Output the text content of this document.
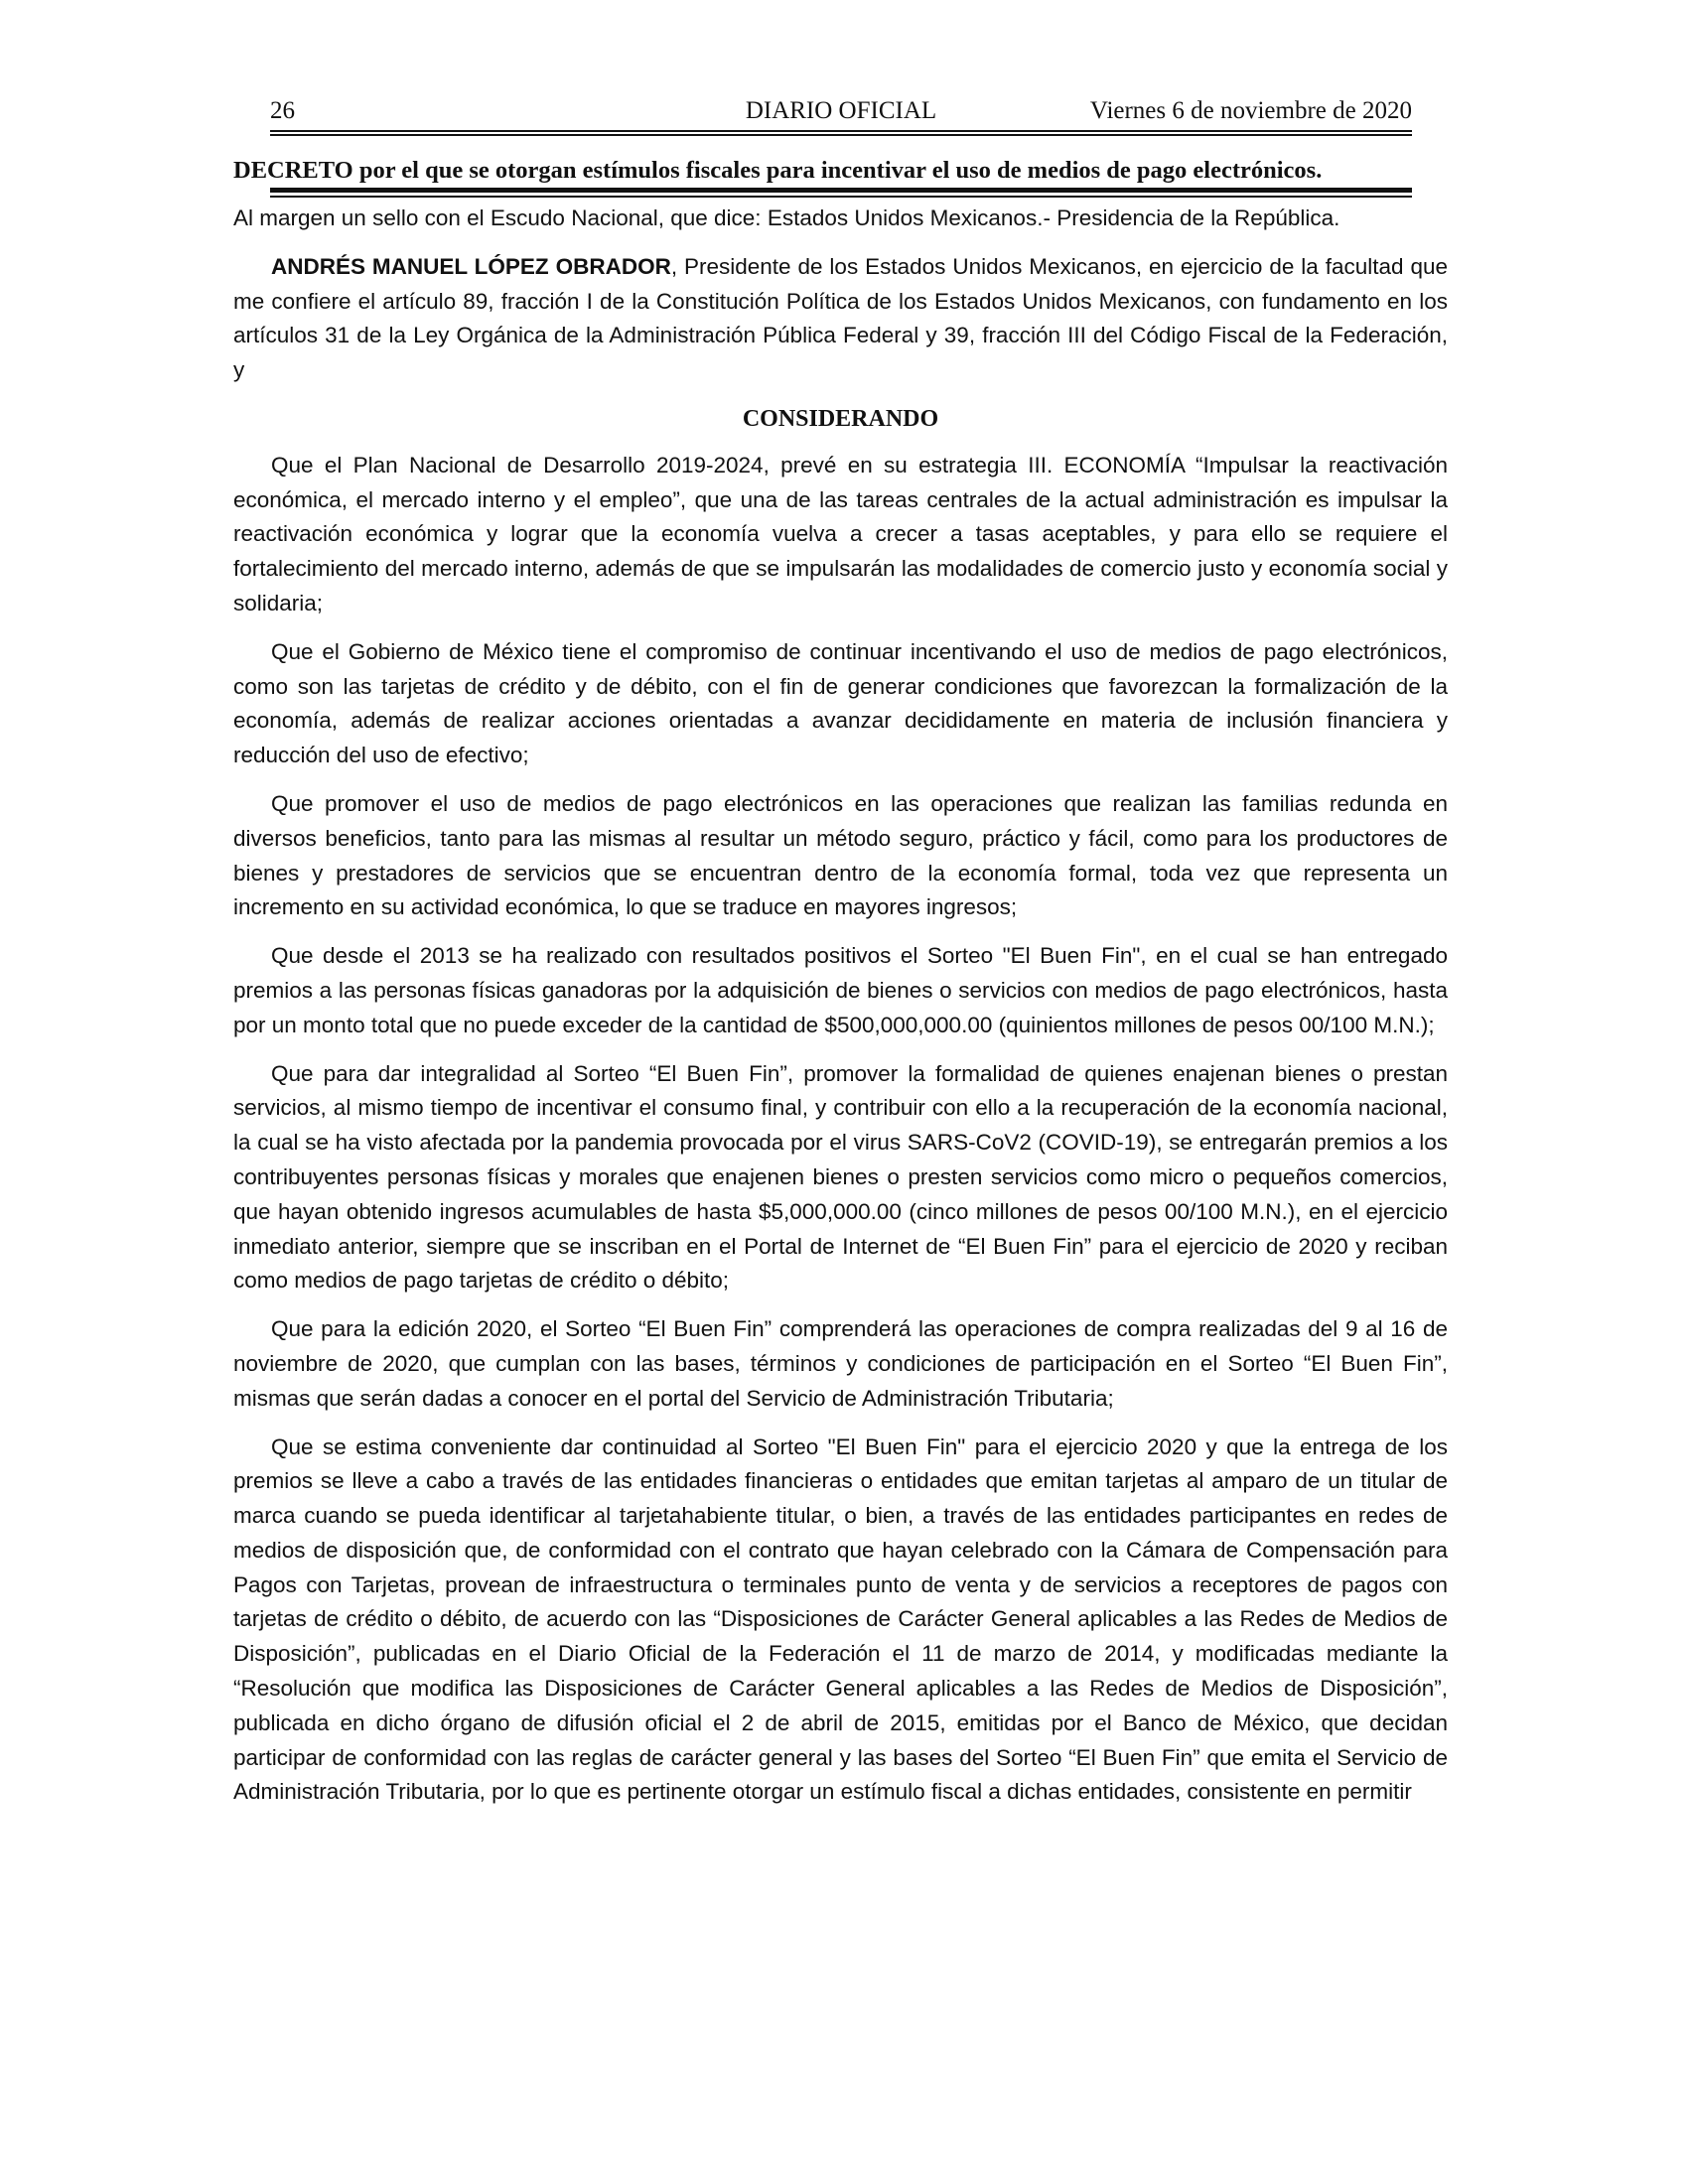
26	DIARIO OFICIAL	Viernes 6 de noviembre de 2020
DECRETO por el que se otorgan estímulos fiscales para incentivar el uso de medios de pago electrónicos.

Al margen un sello con el Escudo Nacional, que dice: Estados Unidos Mexicanos.- Presidencia de la República.

ANDRÉS MANUEL LÓPEZ OBRADOR, Presidente de los Estados Unidos Mexicanos, en ejercicio de la facultad que me confiere el artículo 89, fracción I de la Constitución Política de los Estados Unidos Mexicanos, con fundamento en los artículos 31 de la Ley Orgánica de la Administración Pública Federal y 39, fracción III del Código Fiscal de la Federación, y

CONSIDERANDO

Que el Plan Nacional de Desarrollo 2019-2024, prevé en su estrategia III. ECONOMÍA “Impulsar la reactivación económica, el mercado interno y el empleo”, que una de las tareas centrales de la actual administración es impulsar la reactivación económica y lograr que la economía vuelva a crecer a tasas aceptables, y para ello se requiere el fortalecimiento del mercado interno, además de que se impulsarán las modalidades de comercio justo y economía social y solidaria;

Que el Gobierno de México tiene el compromiso de continuar incentivando el uso de medios de pago electrónicos, como son las tarjetas de crédito y de débito, con el fin de generar condiciones que favorezcan la formalización de la economía, además de realizar acciones orientadas a avanzar decididamente en materia de inclusión financiera y reducción del uso de efectivo;

Que promover el uso de medios de pago electrónicos en las operaciones que realizan las familias redunda en diversos beneficios, tanto para las mismas al resultar un método seguro, práctico y fácil, como para los productores de bienes y prestadores de servicios que se encuentran dentro de la economía formal, toda vez que representa un incremento en su actividad económica, lo que se traduce en mayores ingresos;

Que desde el 2013 se ha realizado con resultados positivos el Sorteo "El Buen Fin", en el cual se han entregado premios a las personas físicas ganadoras por la adquisición de bienes o servicios con medios de pago electrónicos, hasta por un monto total que no puede exceder de la cantidad de $500,000,000.00 (quinientos millones de pesos 00/100 M.N.);

Que para dar integralidad al Sorteo “El Buen Fin”, promover la formalidad de quienes enajenan bienes o prestan servicios, al mismo tiempo de incentivar el consumo final, y contribuir con ello a la recuperación de la economía nacional, la cual se ha visto afectada por la pandemia provocada por el virus SARS-CoV2 (COVID-19), se entregarán premios a los contribuyentes personas físicas y morales que enajenen bienes o presten servicios como micro o pequeños comercios, que hayan obtenido ingresos acumulables de hasta $5,000,000.00 (cinco millones de pesos 00/100 M.N.), en el ejercicio inmediato anterior, siempre que se inscriban en el Portal de Internet de “El Buen Fin” para el ejercicio de 2020 y reciban como medios de pago tarjetas de crédito o débito;

Que para la edición 2020, el Sorteo “El Buen Fin” comprenderá las operaciones de compra realizadas del 9 al 16 de noviembre de 2020, que cumplan con las bases, términos y condiciones de participación en el Sorteo “El Buen Fin”, mismas que serán dadas a conocer en el portal del Servicio de Administración Tributaria;

Que se estima conveniente dar continuidad al Sorteo "El Buen Fin" para el ejercicio 2020 y que la entrega de los premios se lleve a cabo a través de las entidades financieras o entidades que emitan tarjetas al amparo de un titular de marca cuando se pueda identificar al tarjetahabiente titular, o bien, a través de las entidades participantes en redes de medios de disposición que, de conformidad con el contrato que hayan celebrado con la Cámara de Compensación para Pagos con Tarjetas, provean de infraestructura o terminales punto de venta y de servicios a receptores de pagos con tarjetas de crédito o débito, de acuerdo con las “Disposiciones de Carácter General aplicables a las Redes de Medios de Disposición”, publicadas en el Diario Oficial de la Federación el 11 de marzo de 2014, y modificadas mediante la “Resolución que modifica las Disposiciones de Carácter General aplicables a las Redes de Medios de Disposición”, publicada en dicho órgano de difusión oficial el 2 de abril de 2015, emitidas por el Banco de México, que decidan participar de conformidad con las reglas de carácter general y las bases del Sorteo “El Buen Fin” que emita el Servicio de Administración Tributaria, por lo que es pertinente otorgar un estímulo fiscal a dichas entidades, consistente en permitir
